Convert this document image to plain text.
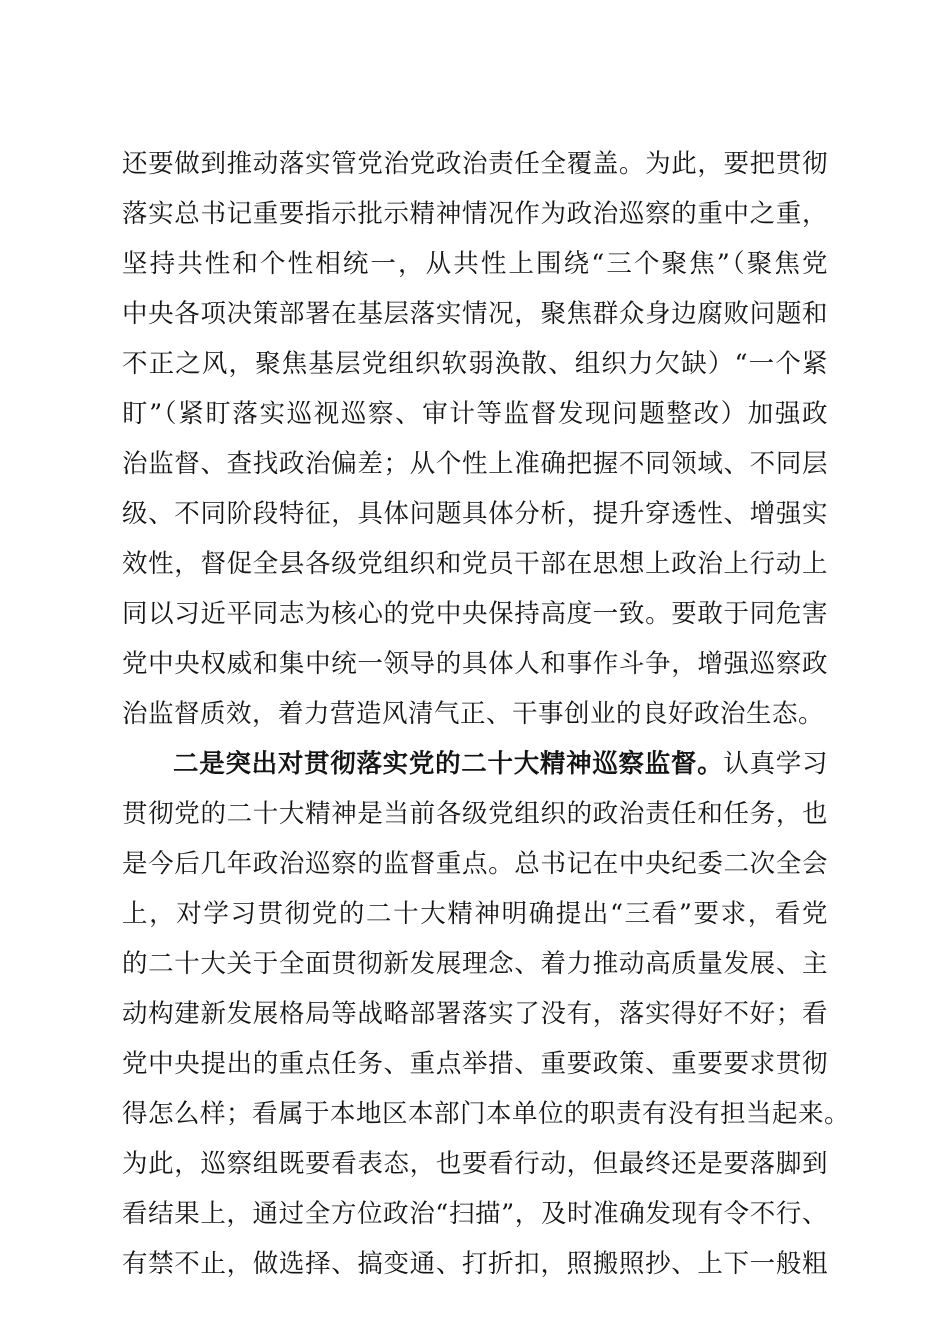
还要做到推动落实管党治党政治责任全覆盖。为此，要把贯彻
落实总书记重要指示批示精神情况作为政治巡察的重中之重，
坚持共性和个性相统一，从共性上围绕“三个聚焦”（聚焦党
中央各项决策部署在基层落实情况，聚焦群众身边腐败问题和
不正之风，聚焦基层党组织软弱涣散、组织力欠缺）“一个紧
盯”（紧盯落实巡视巡察、审计等监督发现问题整改）加强政
治监督、查找政治偏差；从个性上准确把握不同领域、不同层
级、不同阶段特征，具体问题具体分析，提升穿透性、增强实
效性，督促全县各级党组织和党员干部在思想上政治上行动上
同以习近平同志为核心的党中央保持高度一致。要敢于同危害
党中央权威和集中统一领导的具体人和事作斗争，增强巡察政
治监督质效，着力营造风清气正、干事创业的良好政治生态。
二是突出对贯彻落实党的二十大精神巡察监督。认真学习
贯彻党的二十大精神是当前各级党组织的政治责任和任务，也
是今后几年政治巡察的监督重点。总书记在中央纪委二次全会
上，对学习贯彻党的二十大精神明确提出“三看”要求，看党
的二十大关于全面贯彻新发展理念、着力推动高质量发展、主
动构建新发展格局等战略部署落实了没有，落实得好不好；看
党中央提出的重点任务、重点举措、重要政策、重要要求贯彻
得怎么样；看属于本地区本部门本单位的职责有没有担当起来。
为此，巡察组既要看表态，也要看行动，但最终还是要落脚到
看结果上，通过全方位政治“扫描”，及时准确发现有令不行、
有禁不止，做选择、搞变通、打折扣，照搬照抄、上下一般粗
